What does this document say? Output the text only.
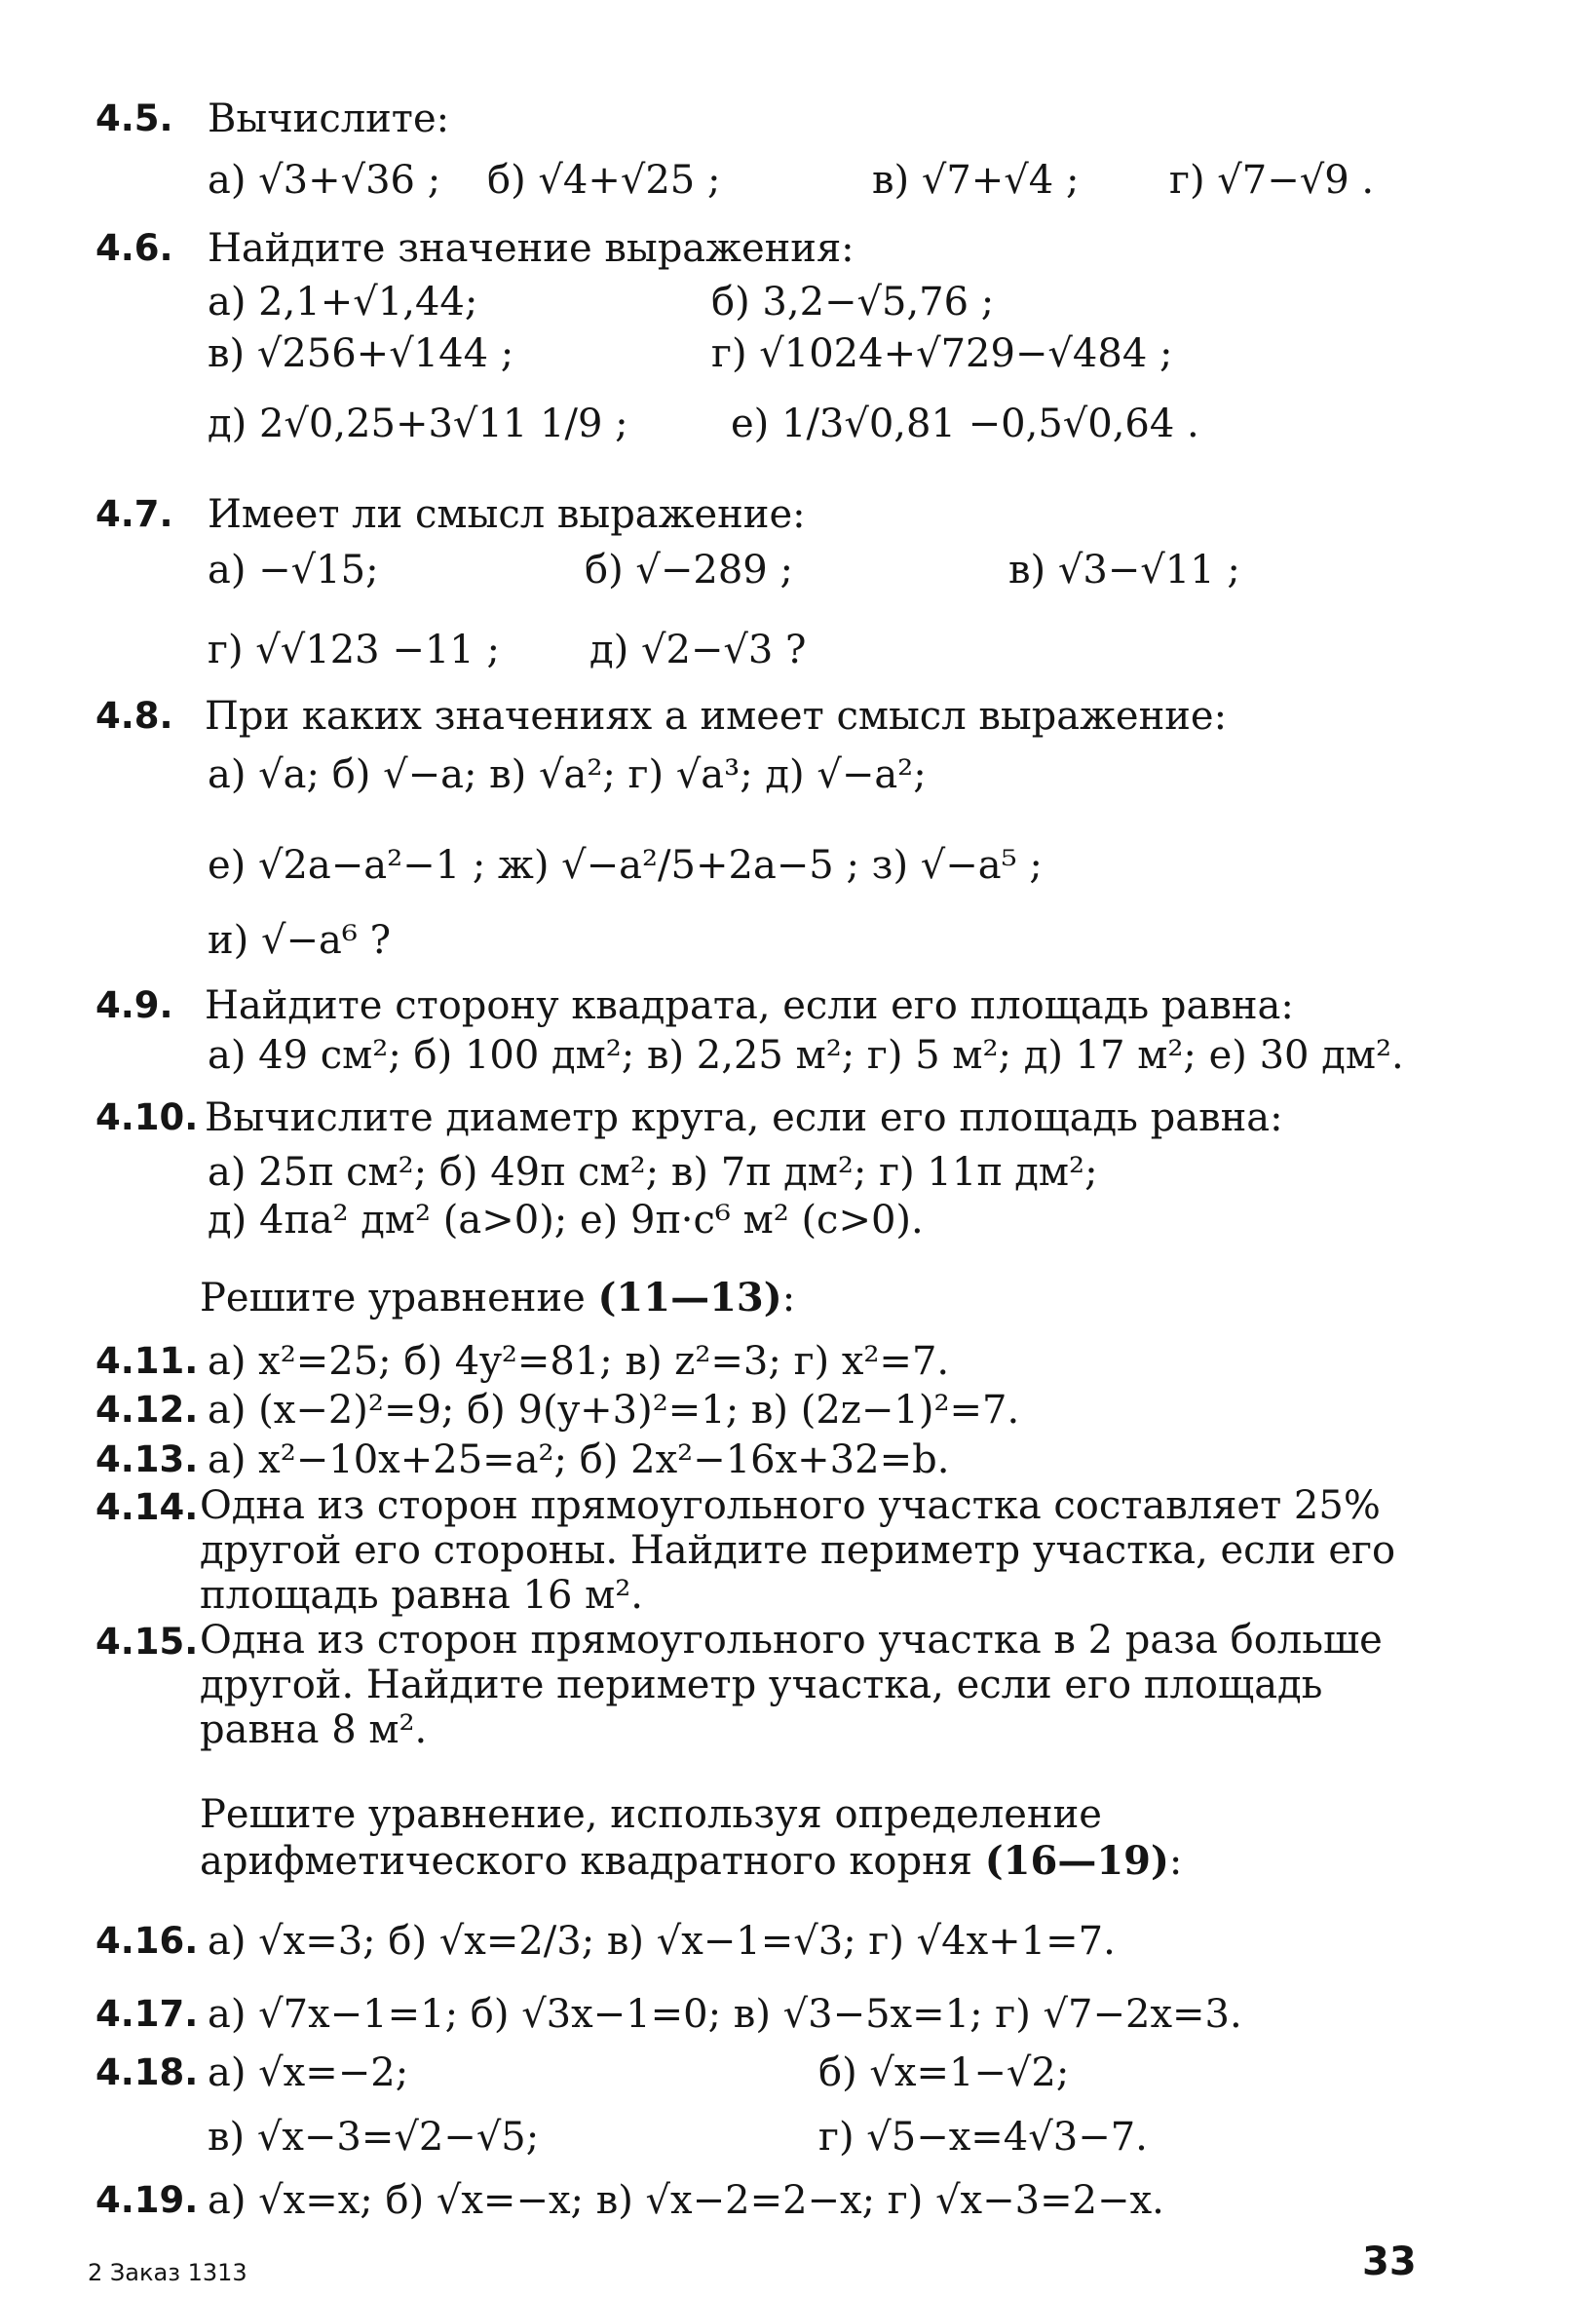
4.5. Вычислите:
а) √3+√36 ; б) √4+√25 ;	в) √7+√4 ; г) √7−√9 .
4.6. Найдите значение выражения:
а) 2,1+√1,44;	б) 3,2−√5,76 ;
в) √256+√144 ;	г) √1024+√729−√484 ;
д) 2√0,25+3√11 1/9 ;	е) 1/3√0,81 −0,5√0,64 .
4.7. Имеет ли смысл выражение:
а) −√15;	б) √−289 ;	в) √3−√11 ;
г) √√123 −11 ; д) √2−√3 ?
4.8. При каких значениях a имеет смысл выражение:
а) √a; б) √−a; в) √a²; г) √a³; д) √−a²;
е) √2a−a²−1 ; ж) √−a²/5+2a−5 ; з) √−a⁵ ;
и) √−a⁶ ?
4.9. Найдите сторону квадрата, если его площадь равна:
а) 49 см²; б) 100 дм²; в) 2,25 м²; г) 5 м²; д) 17 м²; е) 30 дм².
4.10. Вычислите диаметр круга, если его площадь равна:
а) 25π см²; б) 49π см²; в) 7π дм²; г) 11π дм²;
д) 4πa² дм² (a>0); е) 9π·c⁶ м² (c>0).
Решите уравнение (11—13):
4.11. а) x²=25; б) 4y²=81; в) z²=3; г) x²=7.
4.12. а) (x−2)²=9; б) 9(y+3)²=1; в) (2z−1)²=7.
4.13. а) x²−10x+25=a²; б) 2x²−16x+32=b.
4.14. Одна из сторон прямоугольного участка составляет 25% другой его стороны. Найдите периметр участка, если его площадь равна 16 м².
4.15. Одна из сторон прямоугольного участка в 2 раза больше другой. Найдите периметр участка, если его площадь равна 8 м².
Решите уравнение, используя определение арифметического квадратного корня (16—19):
4.16. а) √x=3; б) √x=2/3; в) √x−1=√3; г) √4x+1=7.
4.17. а) √7x−1=1; б) √3x−1=0; в) √3−5x=1; г) √7−2x=3.
4.18. а) √x=−2;	б) √x=1−√2;
в) √x−3=√2−√5;	г) √5−x=4√3−7.
4.19. а) √x=x; б) √x=−x; в) √x−2=2−x; г) √x−3=2−x.
2 Заказ 1313	33
